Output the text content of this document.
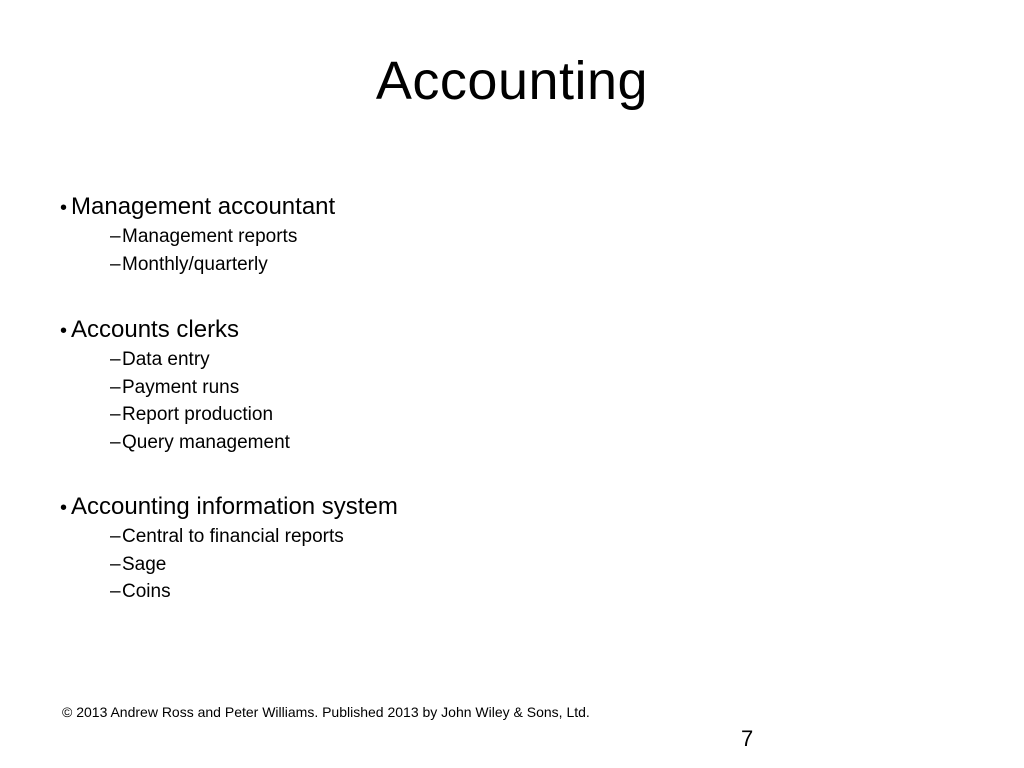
Accounting
• Management accountant
–Management reports
–Monthly/quarterly
• Accounts clerks
–Data entry
–Payment runs
–Report production
–Query management
• Accounting information system
–Central to financial reports
–Sage
–Coins
© 2013 Andrew Ross and Peter Williams. Published 2013 by John Wiley & Sons, Ltd.
7
